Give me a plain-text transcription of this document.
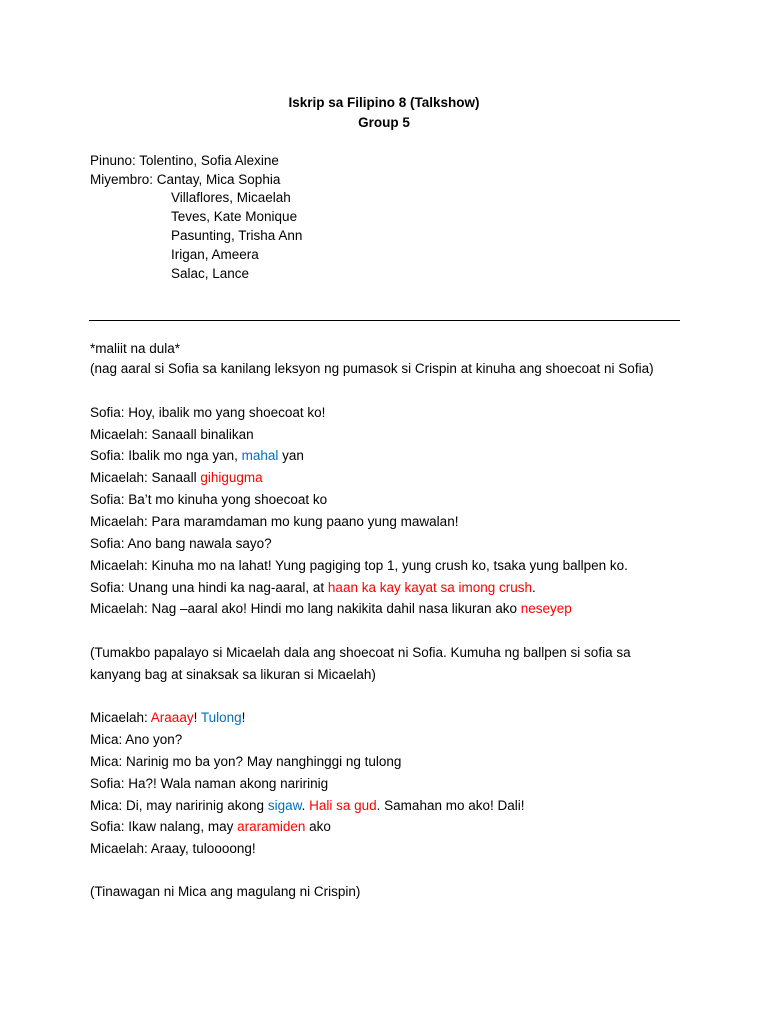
Iskrip sa Filipino 8 (Talkshow)
Group 5
Pinuno: Tolentino, Sofia Alexine
Miyembro: Cantay, Mica Sophia
Villaflores, Micaelah
Teves, Kate Monique
Pasunting, Trisha Ann
Irigan, Ameera
Salac, Lance
*maliit na dula*
(nag aaral si Sofia sa kanilang leksyon ng pumasok si Crispin at kinuha ang shoecoat ni Sofia)
Sofia: Hoy, ibalik mo yang shoecoat ko!
Micaelah: Sanaall binalikan
Sofia: Ibalik mo nga yan, mahal yan
Micaelah: Sanaall gihigugma
Sofia: Ba’t mo kinuha yong shoecoat ko
Micaelah: Para maramdaman mo kung paano yung mawalan!
Sofia: Ano bang nawala sayo?
Micaelah: Kinuha mo na lahat! Yung pagiging top 1, yung crush ko, tsaka yung ballpen ko.
Sofia: Unang una hindi ka nag-aaral, at haan ka kay kayat sa imong crush.
Micaelah: Nag –aaral ako! Hindi mo lang nakikita dahil nasa likuran ako neseyep
(Tumakbo papalayo si Micaelah dala ang shoecoat ni Sofia. Kumuha ng ballpen si sofia sa
kanyang bag at sinaksak sa likuran si Micaelah)
Micaelah: Araaay! Tulong!
Mica: Ano yon?
Mica: Narinig mo ba yon? May nanghinggi ng tulong
Sofia: Ha?! Wala naman akong naririnig
Mica: Di, may naririnig akong sigaw. Hali sa gud. Samahan mo ako! Dali!
Sofia: Ikaw nalang, may araramiden ako
Micaelah: Araay, tuloooong!
(Tinawagan ni Mica ang magulang ni Crispin)
